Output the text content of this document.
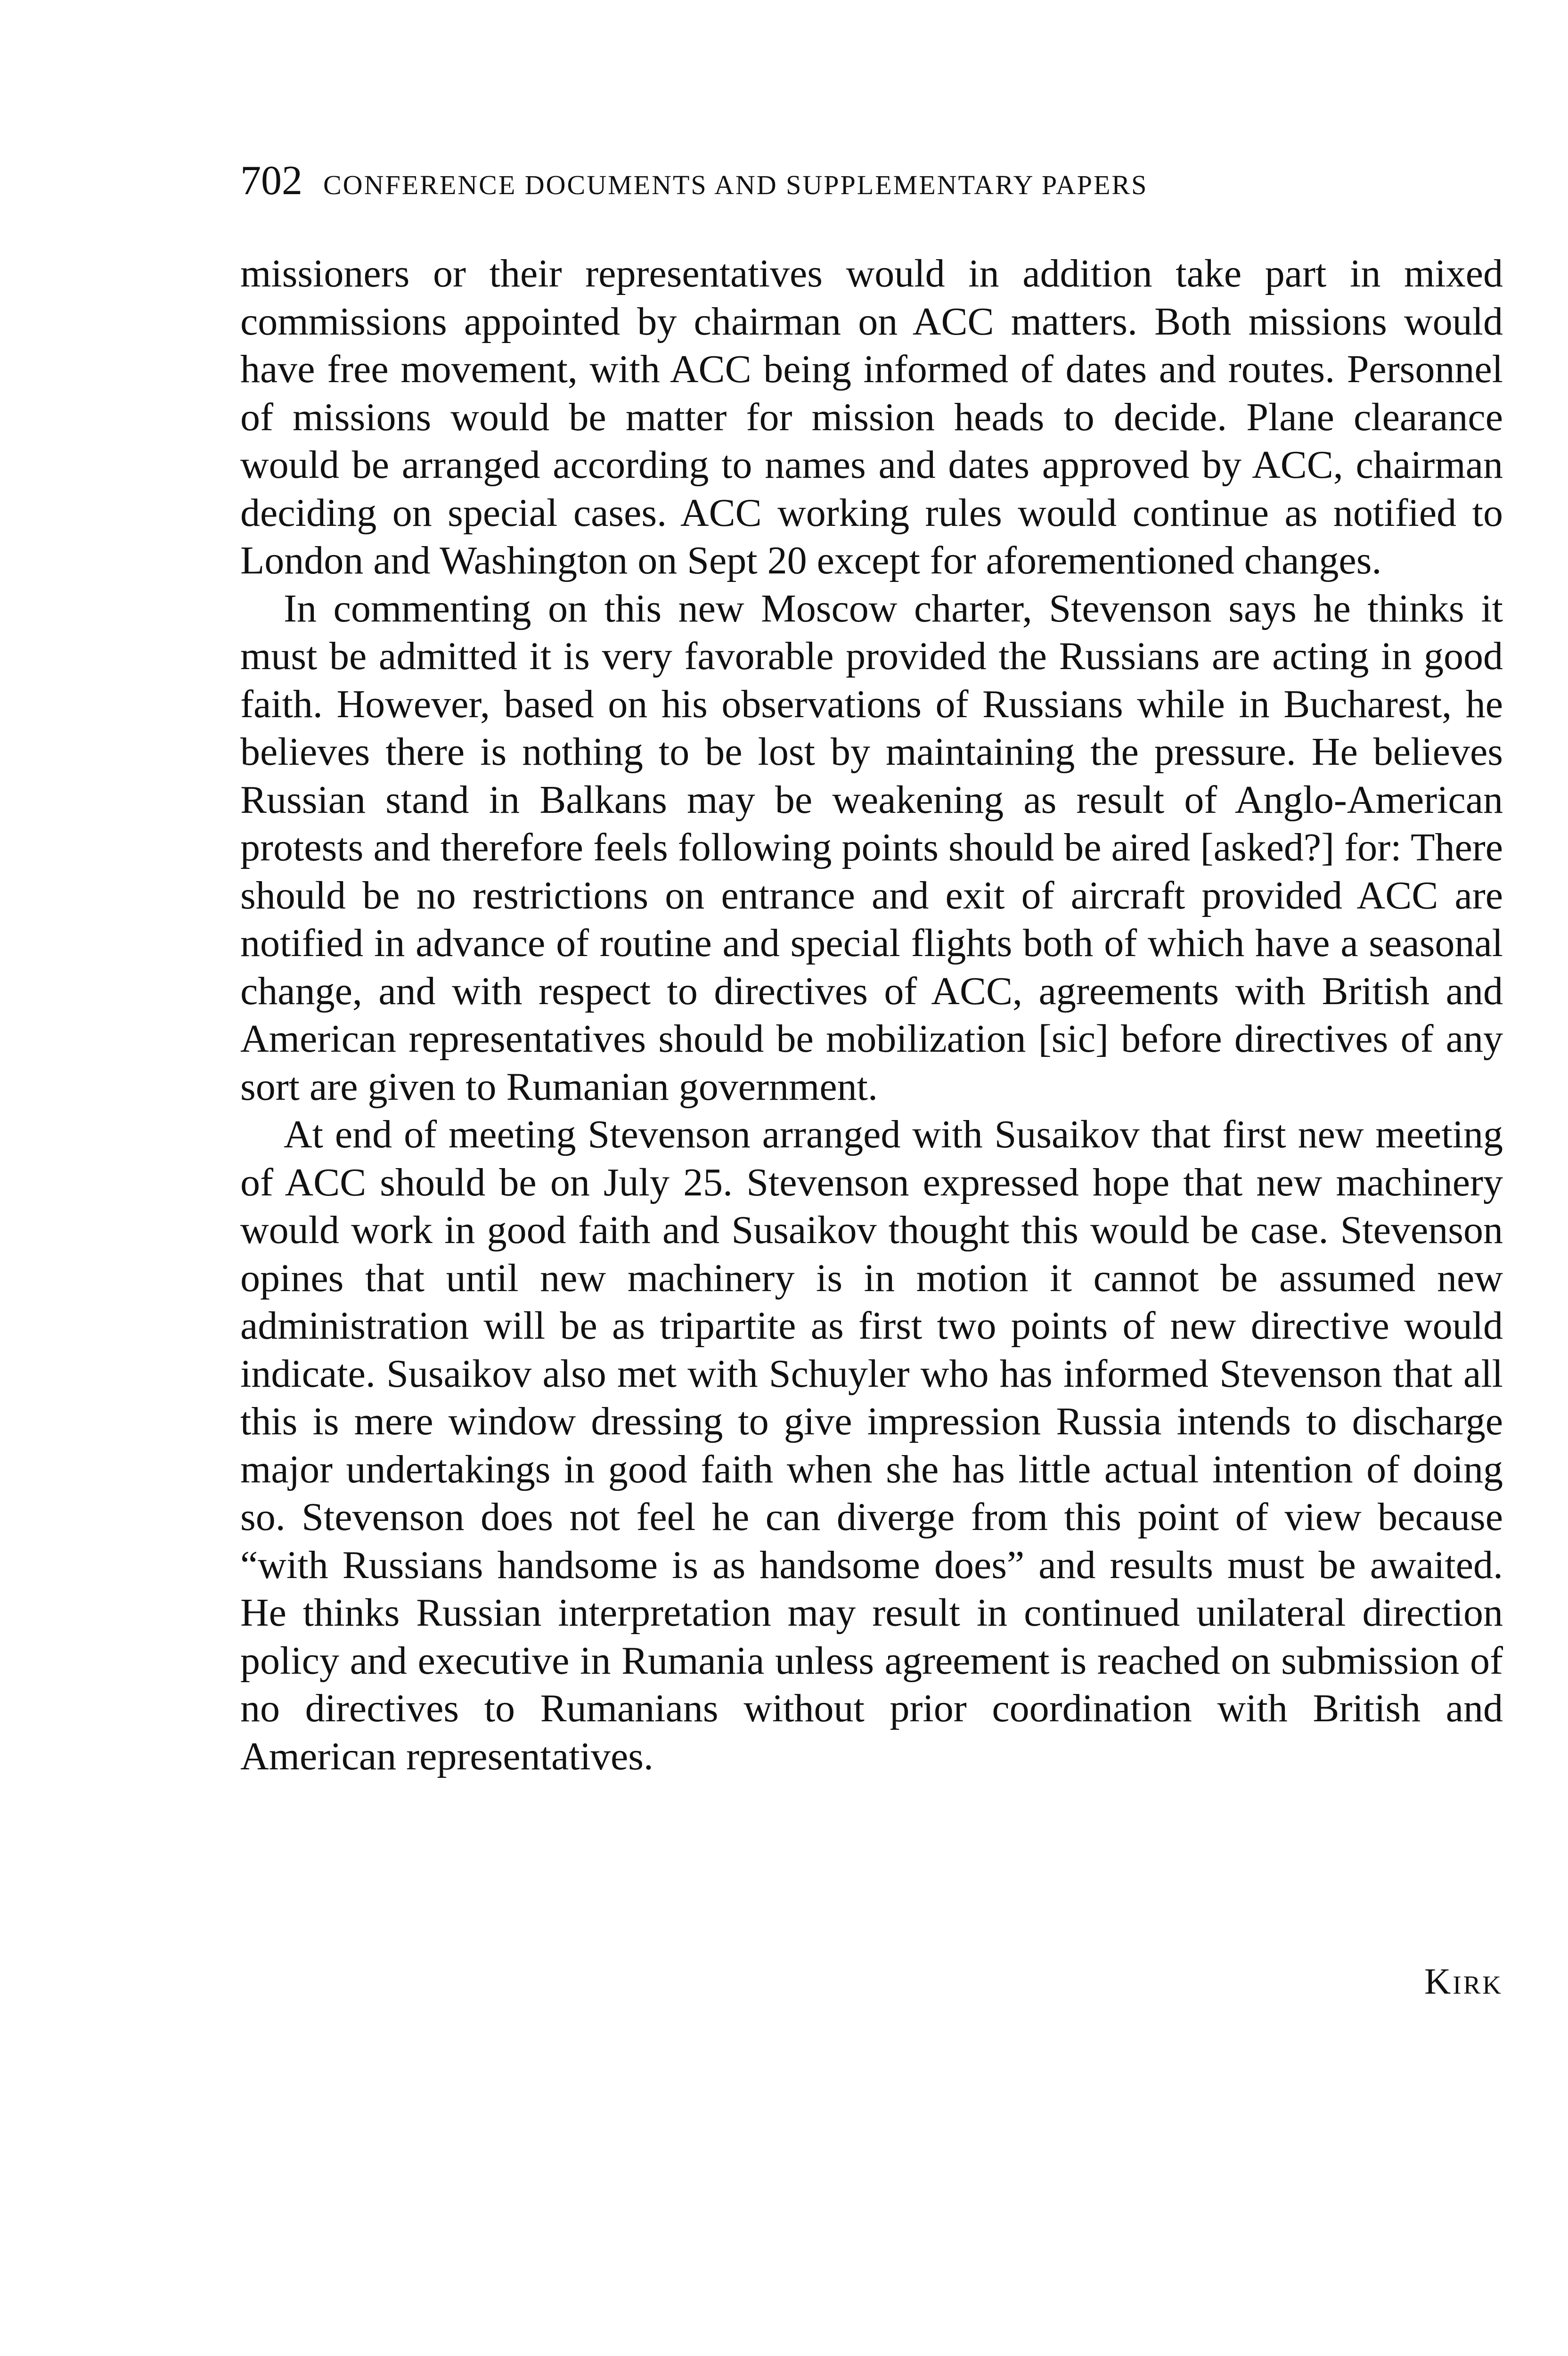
702 CONFERENCE DOCUMENTS AND SUPPLEMENTARY PAPERS

missioners or their representatives would in addition take part in mixed commissions appointed by chairman on ACC matters. Both missions would have free movement, with ACC being informed of dates and routes. Personnel of missions would be matter for mission heads to decide. Plane clearance would be arranged according to names and dates approved by ACC, chairman deciding on special cases. ACC working rules would continue as notified to London and Washington on Sept 20 except for aforementioned changes.

In commenting on this new Moscow charter, Stevenson says he thinks it must be admitted it is very favorable provided the Russians are acting in good faith. However, based on his observations of Russians while in Bucharest, he believes there is nothing to be lost by maintaining the pressure. He believes Russian stand in Balkans may be weakening as result of Anglo-American protests and therefore feels following points should be aired [asked?] for: There should be no restrictions on entrance and exit of aircraft provided ACC are notified in advance of routine and special flights both of which have a seasonal change, and with respect to directives of ACC, agreements with British and American representatives should be mobilization [sic] before directives of any sort are given to Rumanian government.

At end of meeting Stevenson arranged with Susaikov that first new meeting of ACC should be on July 25. Stevenson expressed hope that new machinery would work in good faith and Susaikov thought this would be case. Stevenson opines that until new machinery is in motion it cannot be assumed new administration will be as tripartite as first two points of new directive would indicate. Susaikov also met with Schuyler who has informed Stevenson that all this is mere window dressing to give impression Russia intends to discharge major undertakings in good faith when she has little actual intention of doing so. Stevenson does not feel he can diverge from this point of view because “with Russians handsome is as handsome does” and results must be awaited. He thinks Russian interpretation may result in continued unilateral direction policy and executive in Rumania unless agreement is reached on submission of no directives to Rumanians without prior coordination with British and American representatives.

Kirk
